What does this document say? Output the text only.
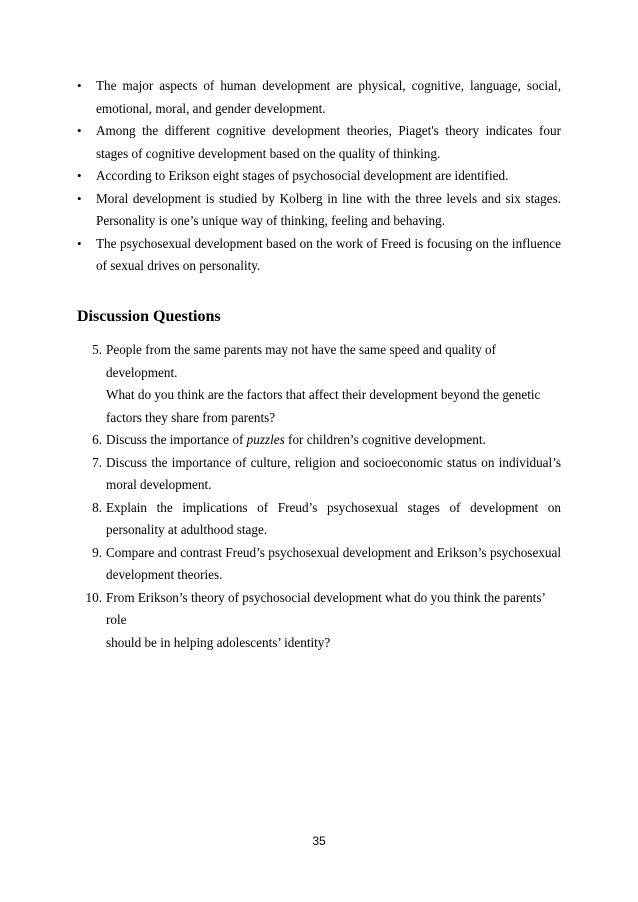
• The major aspects of human development are physical, cognitive, language, social, emotional, moral, and gender development.
• Among the different cognitive development theories, Piaget's theory indicates four stages of cognitive development based on the quality of thinking.
• According to Erikson eight stages of psychosocial development are identified.
• Moral development is studied by Kolberg in line with the three levels and six stages. Personality is one’s unique way of thinking, feeling and behaving.
• The psychosexual development based on the work of Freed is focusing on the influence of sexual drives on personality.
Discussion Questions
5. People from the same parents may not have the same speed and quality of development.
What do you think are the factors that affect their development beyond the genetic
factors they share from parents?
6. Discuss the importance of puzzles for children’s cognitive development.
7. Discuss the importance of culture, religion and socioeconomic status on individual’s moral development.
8. Explain the implications of Freud’s psychosexual stages of development on personality at adulthood stage.
9. Compare and contrast Freud’s psychosexual development and Erikson’s psychosexual development theories.
10. From Erikson’s theory of psychosocial development what do you think the parents’ role
should be in helping adolescents’ identity?
35
